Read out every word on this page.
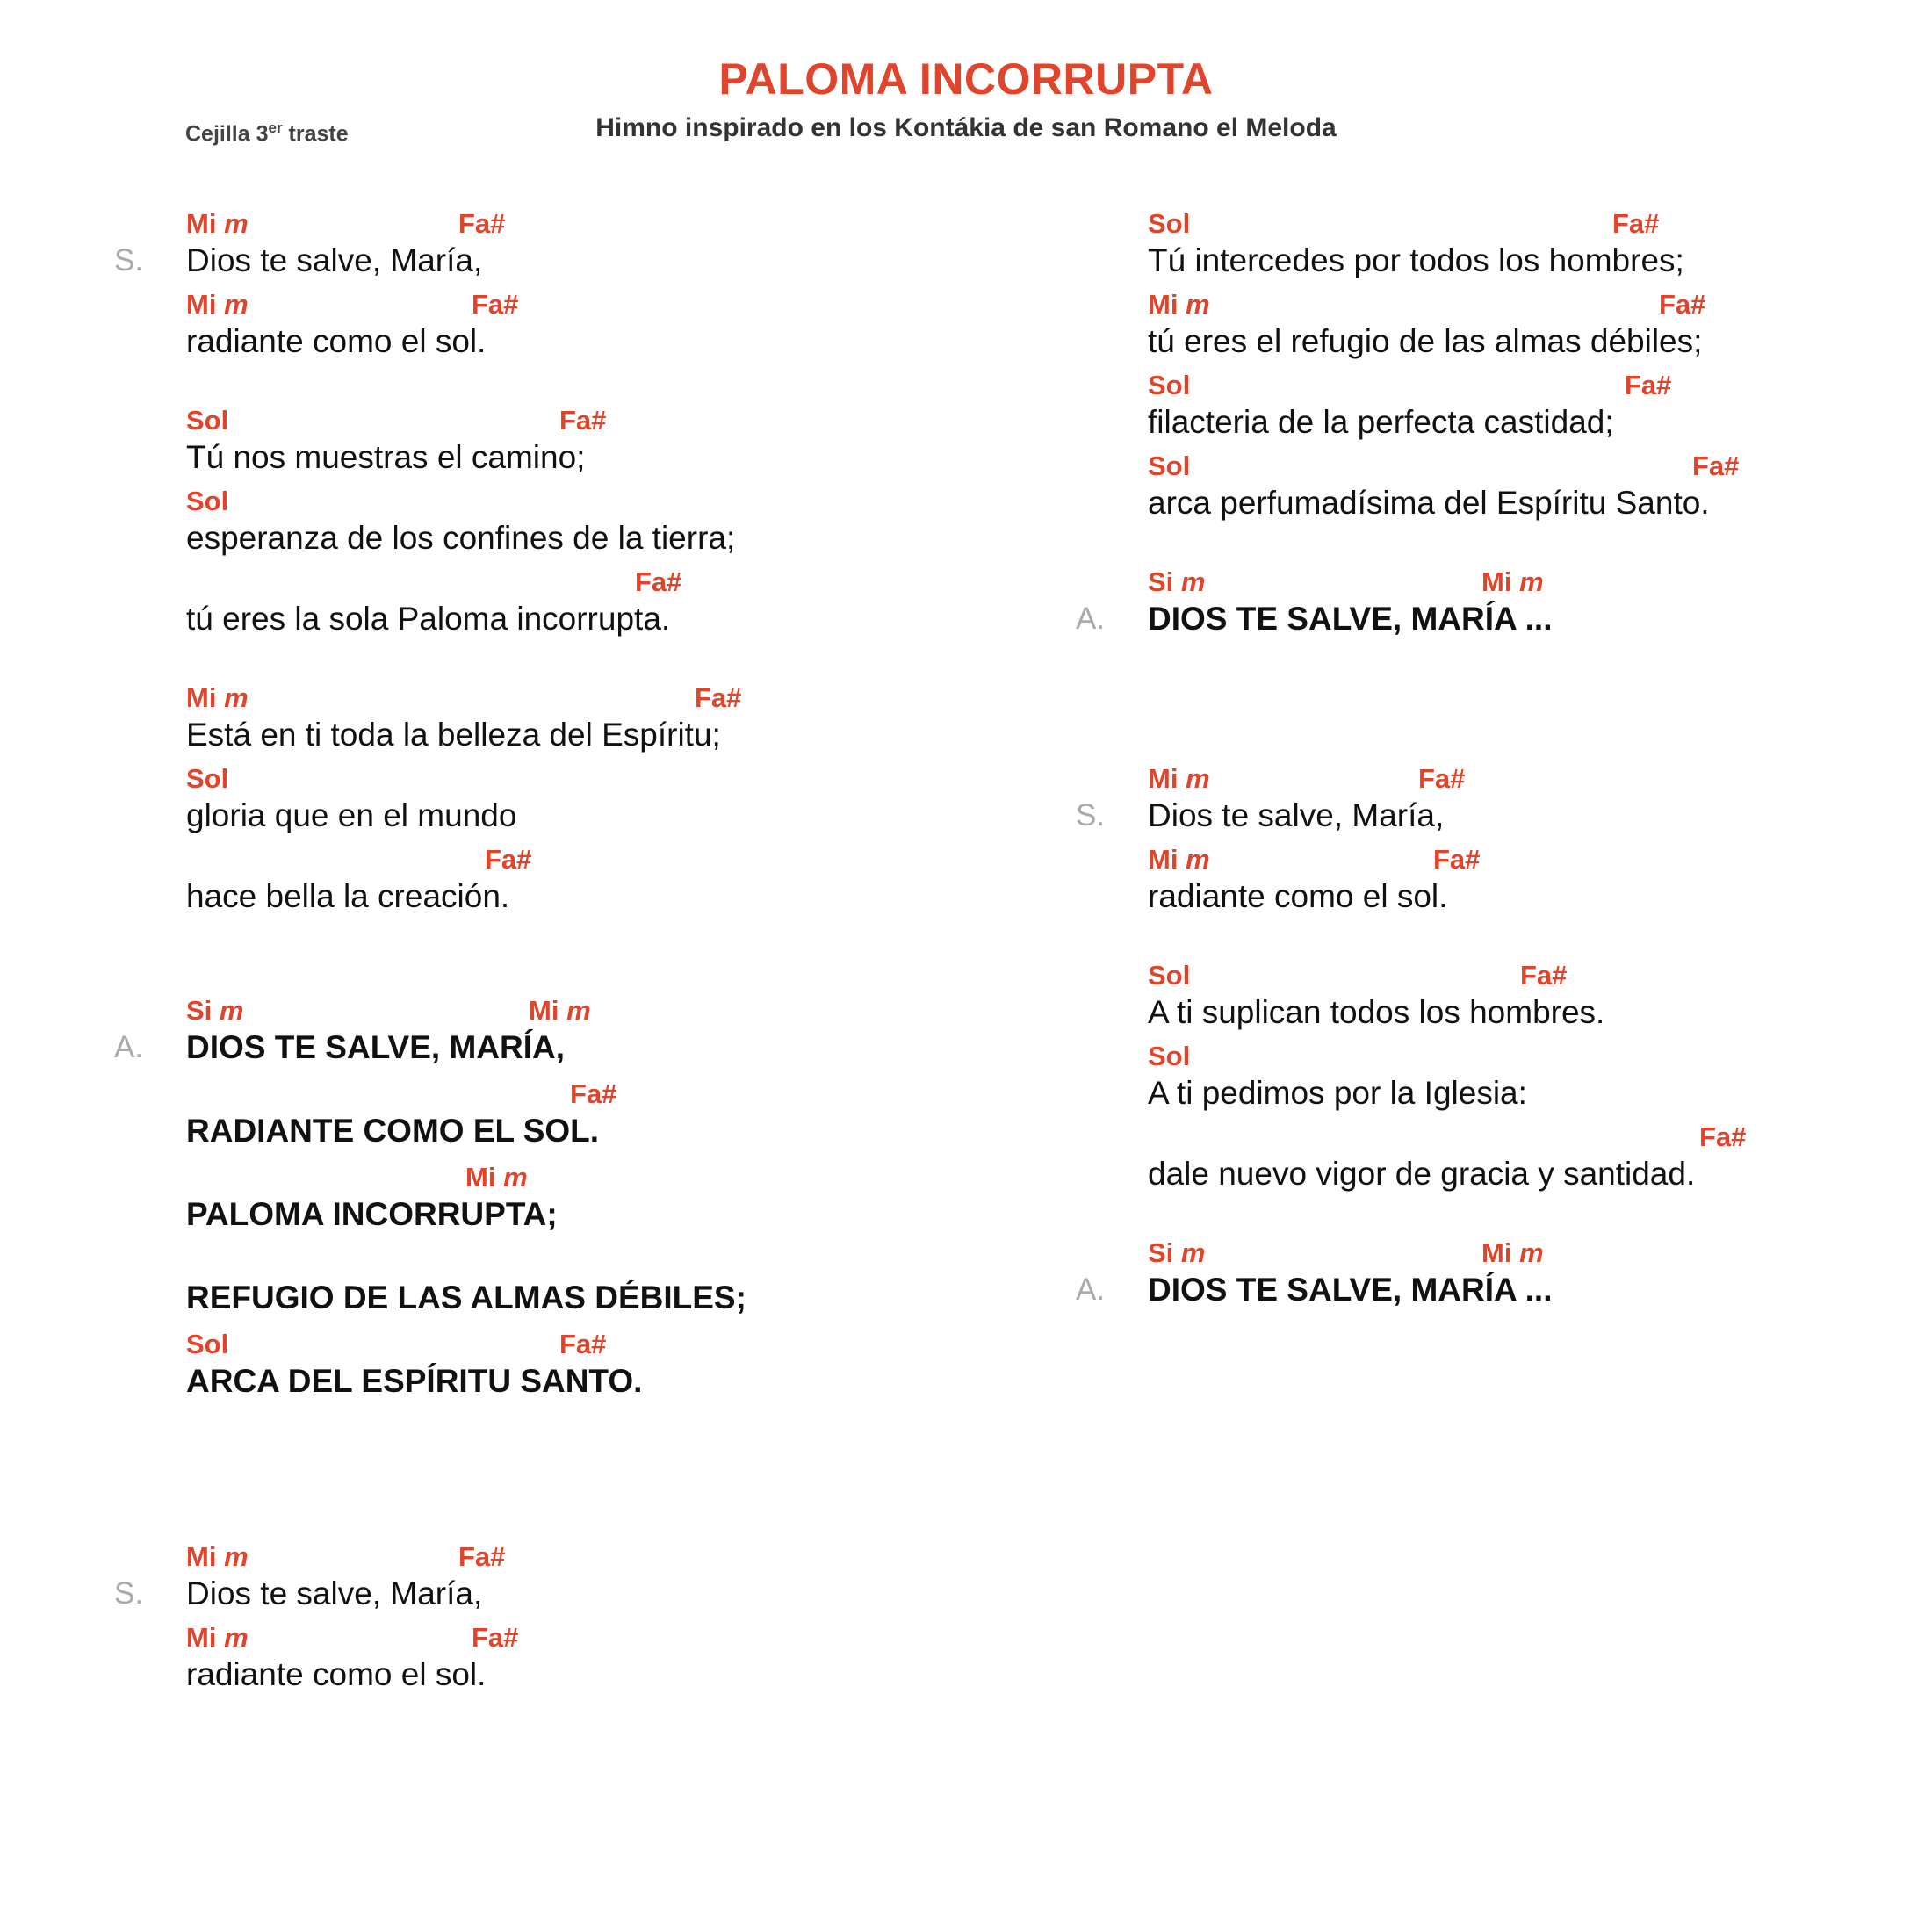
PALOMA INCORRUPTA
Cejilla 3er traste	Himno inspirado en los Kontákia de san Romano el Meloda
S.
Mi m	Fa#
Dios te salve, María,
Mi m	Fa#
radiante como el sol.
Sol	Fa#
Tú nos muestras el camino;
Sol
esperanza de los confines de la tierra;
Fa#
tú eres la sola Paloma incorrupta.
Mi m	Fa#
Está en ti toda la belleza del Espíritu;
Sol
gloria que en el mundo
Fa#
hace bella la creación.
A.
Si m	Mi m
DIOS TE SALVE, MARÍA,
Fa#
RADIANTE COMO EL SOL.
Mi m
PALOMA INCORRUPTA;
REFUGIO DE LAS ALMAS DÉBILES;
Sol	Fa#
ARCA DEL ESPÍRITU SANTO.
S.
Mi m	Fa#
Dios te salve, María,
Mi m	Fa#
radiante como el sol.
Sol	Fa#
Tú intercedes por todos los hombres;
Mi m	Fa#
tú eres el refugio de las almas débiles;
Sol	Fa#
filacteria de la perfecta castidad;
Sol	Fa#
arca perfumadísima del Espíritu Santo.
A.
Si m	Mi m
DIOS TE SALVE, MARÍA ...
S.
Mi m	Fa#
Dios te salve, María,
Mi m	Fa#
radiante como el sol.
Sol	Fa#
A ti suplican todos los hombres.
Sol
A ti pedimos por la Iglesia:
Fa#
dale nuevo vigor de gracia y santidad.
A.
Si m	Mi m
DIOS TE SALVE, MARÍA ...
